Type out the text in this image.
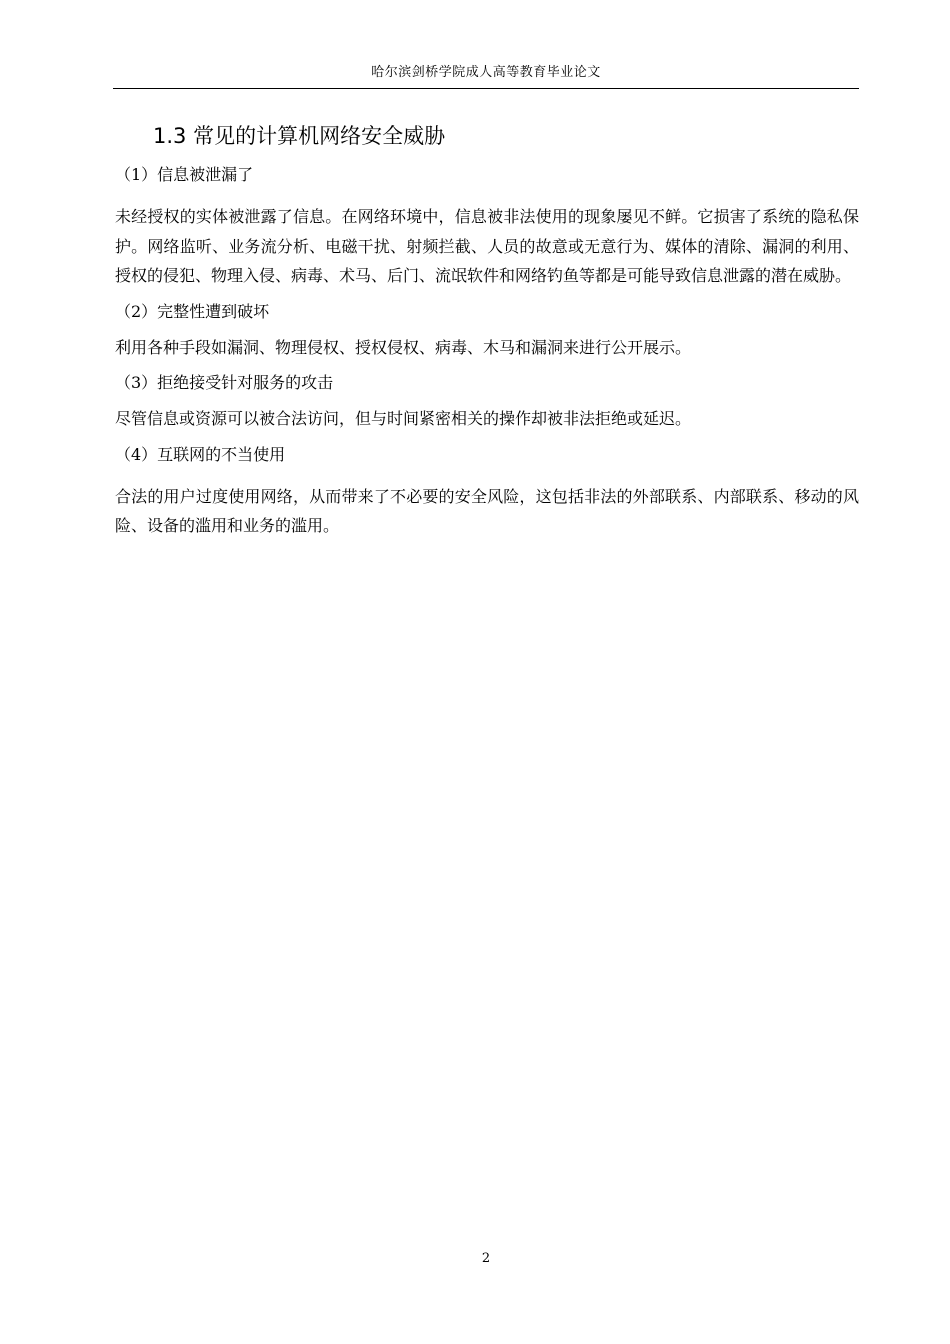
哈尔滨剑桥学院成人高等教育毕业论文
1.3 常见的计算机网络安全威胁
（1）信息被泄漏了

未经授权的实体被泄露了信息。在网络环境中，信息被非法使用的现象屡见不鲜。它损害了系统的隐私保护。网络监听、业务流分析、电磁干扰、射频拦截、人员的故意或无意行为、媒体的清除、漏洞的利用、授权的侵犯、物理入侵、病毒、术马、后门、流氓软件和网络钓鱼等都是可能导致信息泄露的潜在威胁。

（2）完整性遭到破坏

利用各种手段如漏洞、物理侵权、授权侵权、病毒、木马和漏洞来进行公开展示。

（3）拒绝接受针对服务的攻击

尽管信息或资源可以被合法访问，但与时间紧密相关的操作却被非法拒绝或延迟。

（4）互联网的不当使用

合法的用户过度使用网络，从而带来了不必要的安全风险，这包括非法的外部联系、内部联系、移动的风险、设备的滥用和业务的滥用。

2
